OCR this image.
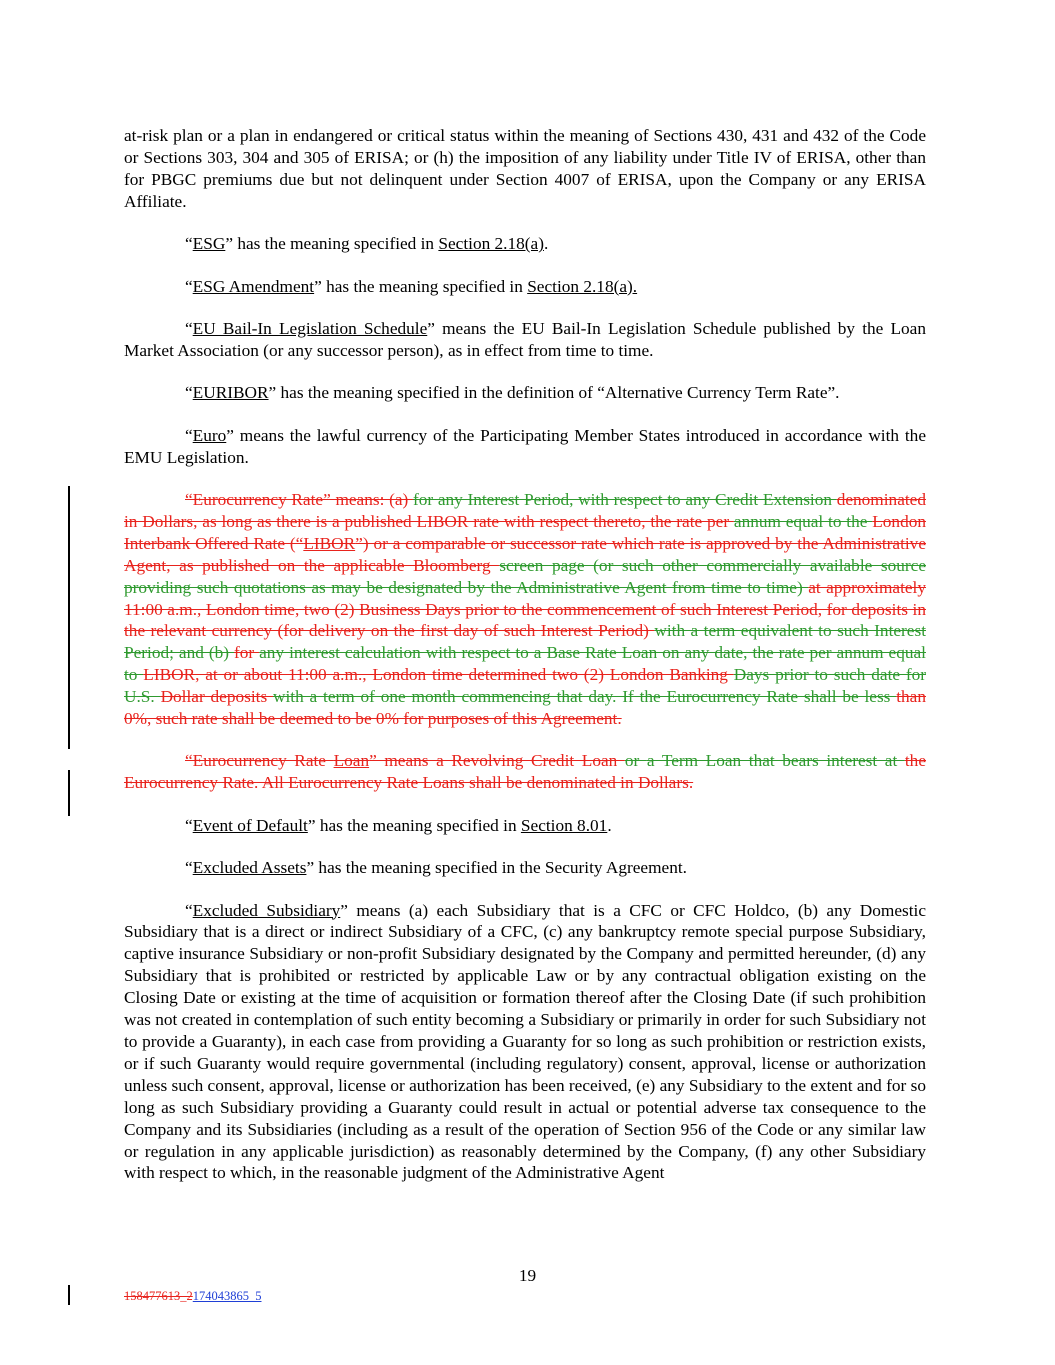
at-risk plan or a plan in endangered or critical status within the meaning of Sections 430, 431 and 432 of the Code or Sections 303, 304 and 305 of ERISA; or (h) the imposition of any liability under Title IV of ERISA, other than for PBGC premiums due but not delinquent under Section 4007 of ERISA, upon the Company or any ERISA Affiliate.

“ESG” has the meaning specified in Section 2.18(a).

“ESG Amendment” has the meaning specified in Section 2.18(a).

“EU Bail-In Legislation Schedule” means the EU Bail-In Legislation Schedule published by the Loan Market Association (or any successor person), as in effect from time to time.

“EURIBOR” has the meaning specified in the definition of “Alternative Currency Term Rate”.

“Euro” means the lawful currency of the Participating Member States introduced in accordance with the EMU Legislation.

“Eurocurrency Rate” means: (a) for any Interest Period, with respect to any Credit Extension denominated in Dollars, as long as there is a published LIBOR rate with respect thereto, the rate per annum equal to the London Interbank Offered Rate (“LIBOR”) or a comparable or successor rate which rate is approved by the Administrative Agent, as published on the applicable Bloomberg screen page (or such other commercially available source providing such quotations as may be designated by the Administrative Agent from time to time) at approximately 11:00 a.m., London time, two (2) Business Days prior to the commencement of such Interest Period, for deposits in the relevant currency (for delivery on the first day of such Interest Period) with a term equivalent to such Interest Period; and (b) for any interest calculation with respect to a Base Rate Loan on any date, the rate per annum equal to LIBOR, at or about 11:00 a.m., London time determined two (2) London Banking Days prior to such date for U.S. Dollar deposits with a term of one month commencing that day. If the Eurocurrency Rate shall be less than 0%, such rate shall be deemed to be 0% for purposes of this Agreement.

“Eurocurrency Rate Loan” means a Revolving Credit Loan or a Term Loan that bears interest at the Eurocurrency Rate. All Eurocurrency Rate Loans shall be denominated in Dollars.

“Event of Default” has the meaning specified in Section 8.01.

“Excluded Assets” has the meaning specified in the Security Agreement.

“Excluded Subsidiary” means (a) each Subsidiary that is a CFC or CFC Holdco, (b) any Domestic Subsidiary that is a direct or indirect Subsidiary of a CFC, (c) any bankruptcy remote special purpose Subsidiary, captive insurance Subsidiary or non-profit Subsidiary designated by the Company and permitted hereunder, (d) any Subsidiary that is prohibited or restricted by applicable Law or by any contractual obligation existing on the Closing Date or existing at the time of acquisition or formation thereof after the Closing Date (if such prohibition was not created in contemplation of such entity becoming a Subsidiary or primarily in order for such Subsidiary not to provide a Guaranty), in each case from providing a Guaranty for so long as such prohibition or restriction exists, or if such Guaranty would require governmental (including regulatory) consent, approval, license or authorization unless such consent, approval, license or authorization has been received, (e) any Subsidiary to the extent and for so long as such Subsidiary providing a Guaranty could result in actual or potential adverse tax consequence to the Company and its Subsidiaries (including as a result of the operation of Section 956 of the Code or any similar law or regulation in any applicable jurisdiction) as reasonably determined by the Company, (f) any other Subsidiary with respect to which, in the reasonable judgment of the Administrative Agent

19
158477613_2174043865_5
